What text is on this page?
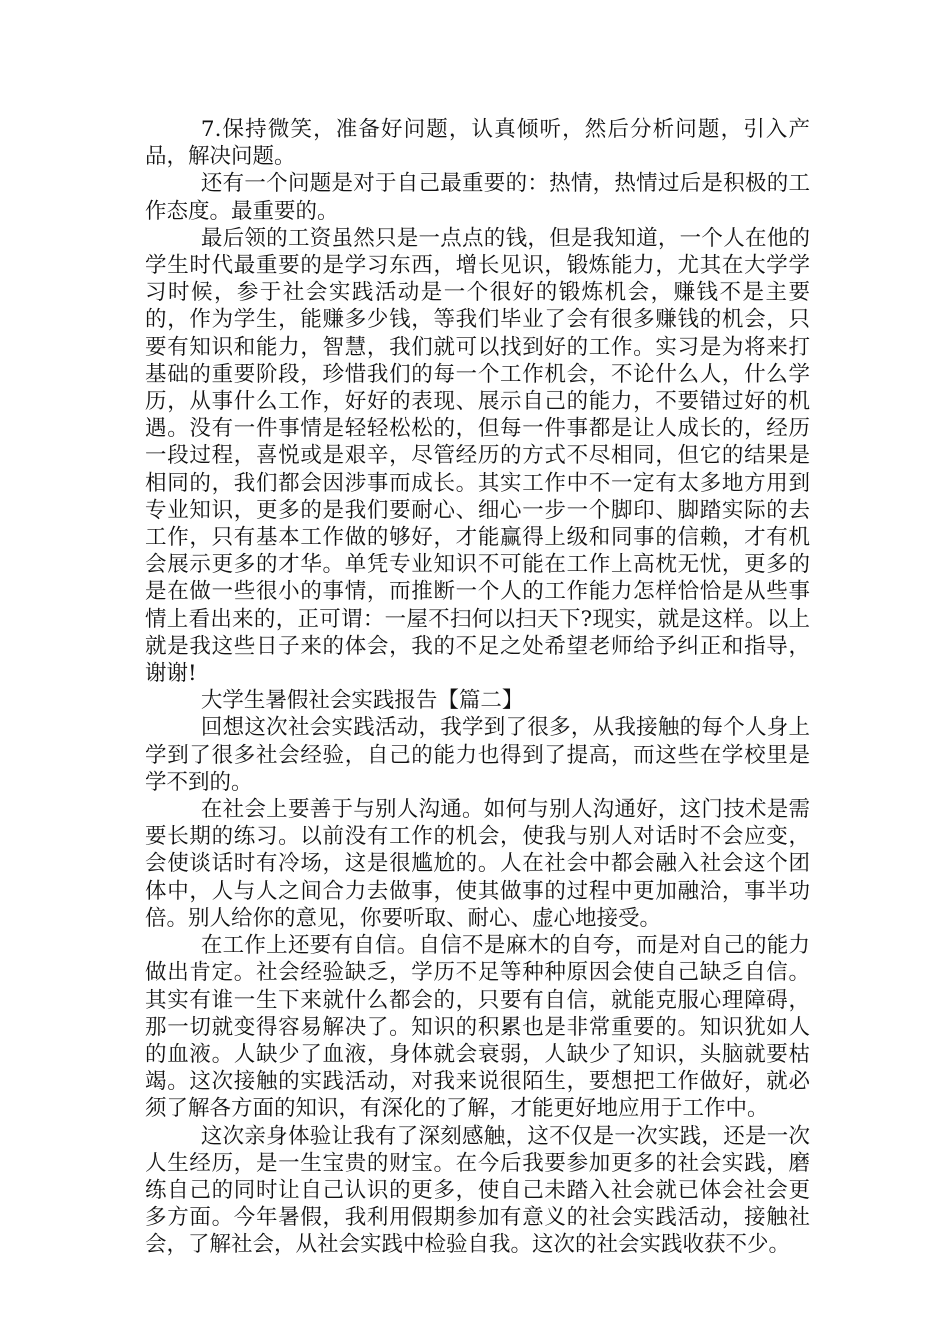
7.保持微笑，准备好问题，认真倾听，然后分析问题，引入产品，解决问题。

还有一个问题是对于自己最重要的：热情，热情过后是积极的工作态度。最重要的。

最后领的工资虽然只是一点点的钱，但是我知道，一个人在他的学生时代最重要的是学习东西，增长见识，锻炼能力，尤其在大学学习时候，参于社会实践活动是一个很好的锻炼机会，赚钱不是主要的，作为学生，能赚多少钱，等我们毕业了会有很多赚钱的机会，只要有知识和能力，智慧，我们就可以找到好的工作。实习是为将来打基础的重要阶段，珍惜我们的每一个工作机会，不论什么人，什么学历，从事什么工作，好好的表现、展示自己的能力，不要错过好的机遇。没有一件事情是轻轻松松的，但每一件事都是让人成长的，经历一段过程，喜悦或是艰辛，尽管经历的方式不尽相同，但它的结果是相同的，我们都会因涉事而成长。其实工作中不一定有太多地方用到专业知识，更多的是我们要耐心、细心一步一个脚印、脚踏实际的去工作，只有基本工作做的够好，才能赢得上级和同事的信赖，才有机会展示更多的才华。单凭专业知识不可能在工作上高枕无忧，更多的是在做一些很小的事情，而推断一个人的工作能力怎样恰恰是从些事情上看出来的，正可谓：一屋不扫何以扫天下?现实，就是这样。以上就是我这些日子来的体会，我的不足之处希望老师给予纠正和指导，谢谢!

大学生暑假社会实践报告【篇二】

回想这次社会实践活动，我学到了很多，从我接触的每个人身上学到了很多社会经验，自己的能力也得到了提高，而这些在学校里是学不到的。

在社会上要善于与别人沟通。如何与别人沟通好，这门技术是需要长期的练习。以前没有工作的机会，使我与别人对话时不会应变，会使谈话时有冷场，这是很尴尬的。人在社会中都会融入社会这个团体中，人与人之间合力去做事，使其做事的过程中更加融洽，事半功倍。别人给你的意见，你要听取、耐心、虚心地接受。

在工作上还要有自信。自信不是麻木的自夸，而是对自己的能力做出肯定。社会经验缺乏，学历不足等种种原因会使自己缺乏自信。其实有谁一生下来就什么都会的，只要有自信，就能克服心理障碍，那一切就变得容易解决了。知识的积累也是非常重要的。知识犹如人的血液。人缺少了血液，身体就会衰弱，人缺少了知识，头脑就要枯竭。这次接触的实践活动，对我来说很陌生，要想把工作做好，就必须了解各方面的知识，有深化的了解，才能更好地应用于工作中。

这次亲身体验让我有了深刻感触，这不仅是一次实践，还是一次人生经历，是一生宝贵的财宝。在今后我要参加更多的社会实践，磨练自己的同时让自己认识的更多，使自己未踏入社会就已体会社会更多方面。今年暑假，我利用假期参加有意义的社会实践活动，接触社会，了解社会，从社会实践中检验自我。这次的社会实践收获不少。
